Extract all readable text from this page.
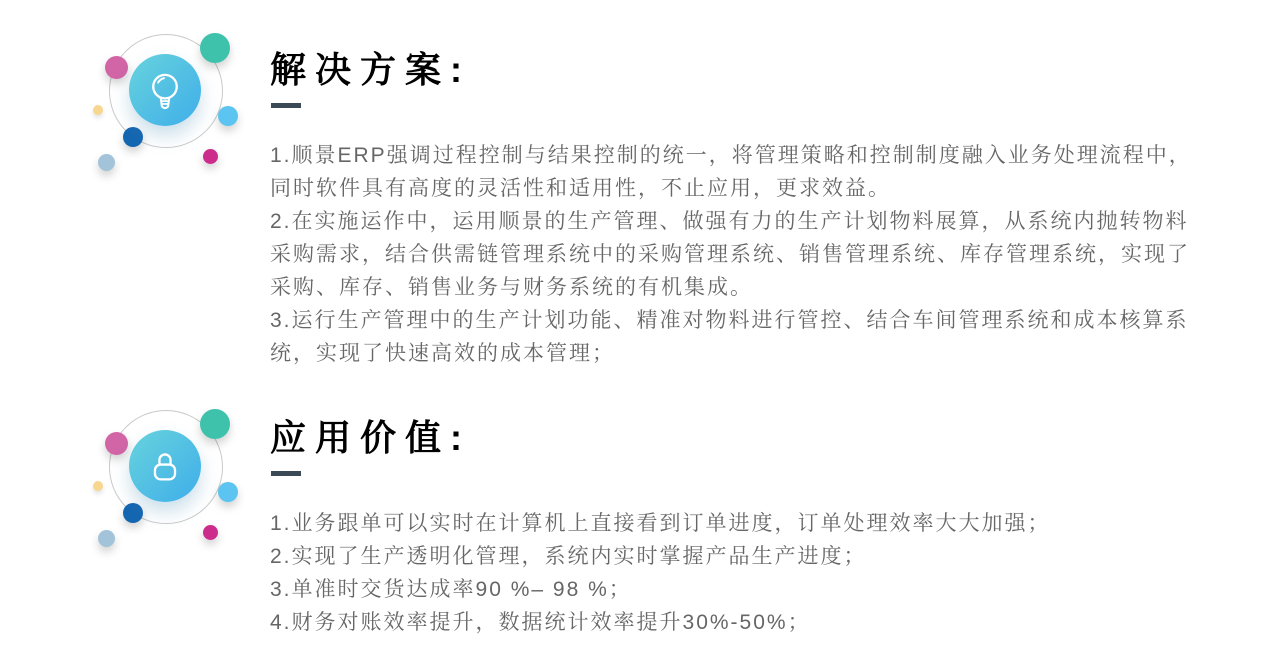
解决方案:

1.顺景ERP强调过程控制与结果控制的统一，将管理策略和控制制度融入业务处理流程中，同时软件具有高度的灵活性和适用性，不止应用，更求效益。

2.在实施运作中，运用顺景的生产管理、做强有力的生产计划物料展算，从系统内抛转物料采购需求，结合供需链管理系统中的采购管理系统、销售管理系统、库存管理系统，实现了采购、库存、销售业务与财务系统的有机集成。

3.运行生产管理中的生产计划功能、精准对物料进行管控、结合车间管理系统和成本核算系统，实现了快速高效的成本管理；

应用价值:

1.业务跟单可以实时在计算机上直接看到订单进度，订单处理效率大大加强；

2.实现了生产透明化管理，系统内实时掌握产品生产进度；

3.单准时交货达成率90 %– 98 %；

4.财务对账效率提升，数据统计效率提升30%-50%；
